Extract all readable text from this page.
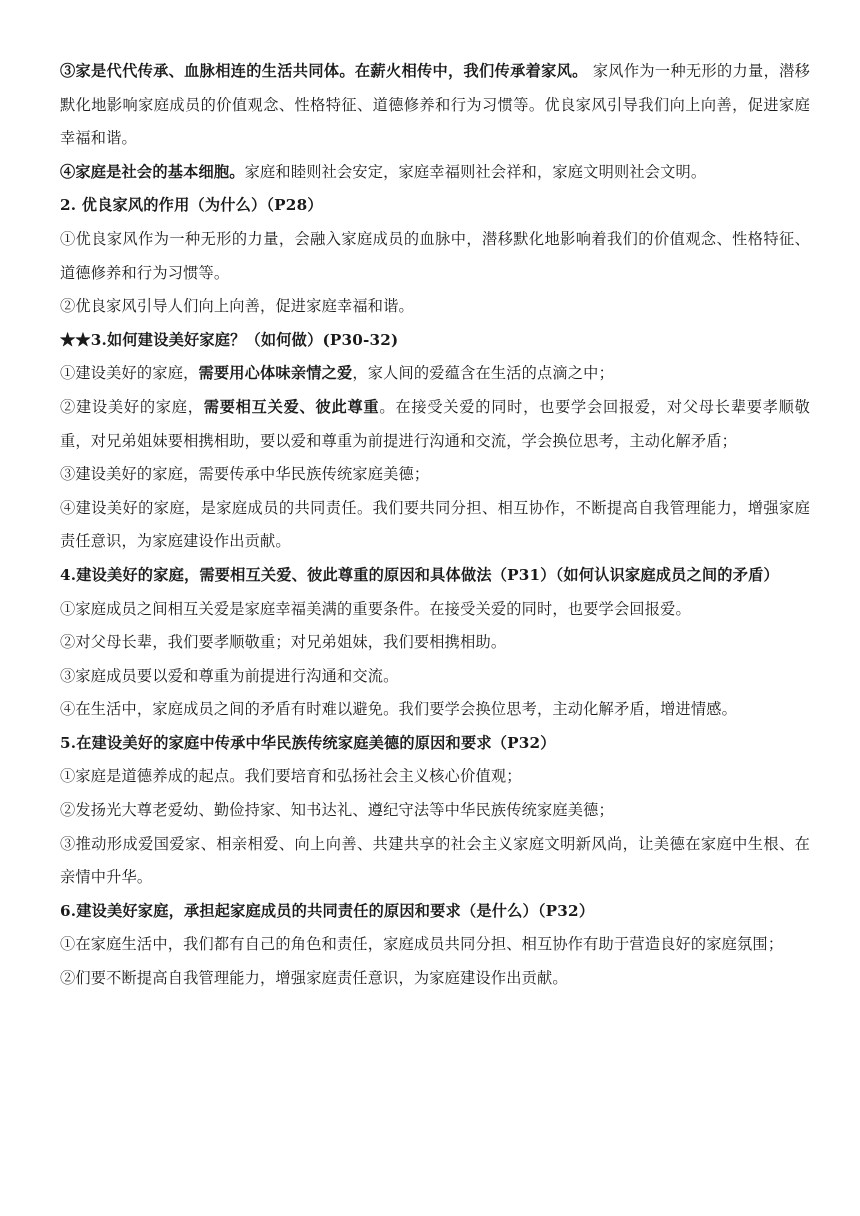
③家是代代传承、血脉相连的生活共同体。在薪火相传中，我们传承着家风。 家风作为一种无形的力量，潜移默化地影响家庭成员的价值观念、性格特征、道德修养和行为习惯等。优良家风引导我们向上向善，促进家庭幸福和谐。

④家庭是社会的基本细胞。家庭和睦则社会安定，家庭幸福则社会祥和，家庭文明则社会文明。

2. 优良家风的作用（为什么）（P28）

①优良家风作为一种无形的力量，会融入家庭成员的血脉中，潜移默化地影响着我们的价值观念、性格特征、道德修养和行为习惯等。

②优良家风引导人们向上向善，促进家庭幸福和谐。

★★3.如何建设美好家庭？（如何做）(P30-32)

①建设美好的家庭，需要用心体味亲情之爱，家人间的爱蕴含在生活的点滴之中；

②建设美好的家庭，需要相互关爱、彼此尊重。在接受关爱的同时，也要学会回报爱，对父母长辈要孝顺敬重，对兄弟姐妹要相携相助，要以爱和尊重为前提进行沟通和交流，学会换位思考，主动化解矛盾；

③建设美好的家庭，需要传承中华民族传统家庭美德；

④建设美好的家庭，是家庭成员的共同责任。我们要共同分担、相互协作，不断提高自我管理能力，增强家庭责任意识，为家庭建设作出贡献。

4.建设美好的家庭，需要相互关爱、彼此尊重的原因和具体做法（P31）（如何认识家庭成员之间的矛盾）

①家庭成员之间相互关爱是家庭幸福美满的重要条件。在接受关爱的同时，也要学会回报爱。

②对父母长辈，我们要孝顺敬重；对兄弟姐妹，我们要相携相助。

③家庭成员要以爱和尊重为前提进行沟通和交流。

④在生活中，家庭成员之间的矛盾有时难以避免。我们要学会换位思考，主动化解矛盾，增进情感。

5.在建设美好的家庭中传承中华民族传统家庭美德的原因和要求（P32）

①家庭是道德养成的起点。我们要培育和弘扬社会主义核心价值观；

②发扬光大尊老爱幼、勤俭持家、知书达礼、遵纪守法等中华民族传统家庭美德；

③推动形成爱国爱家、相亲相爱、向上向善、共建共享的社会主义家庭文明新风尚，让美德在家庭中生根、在亲情中升华。

6.建设美好家庭，承担起家庭成员的共同责任的原因和要求（是什么）（P32）

①在家庭生活中，我们都有自己的角色和责任，家庭成员共同分担、相互协作有助于营造良好的家庭氛围；

②们要不断提高自我管理能力，增强家庭责任意识，为家庭建设作出贡献。
